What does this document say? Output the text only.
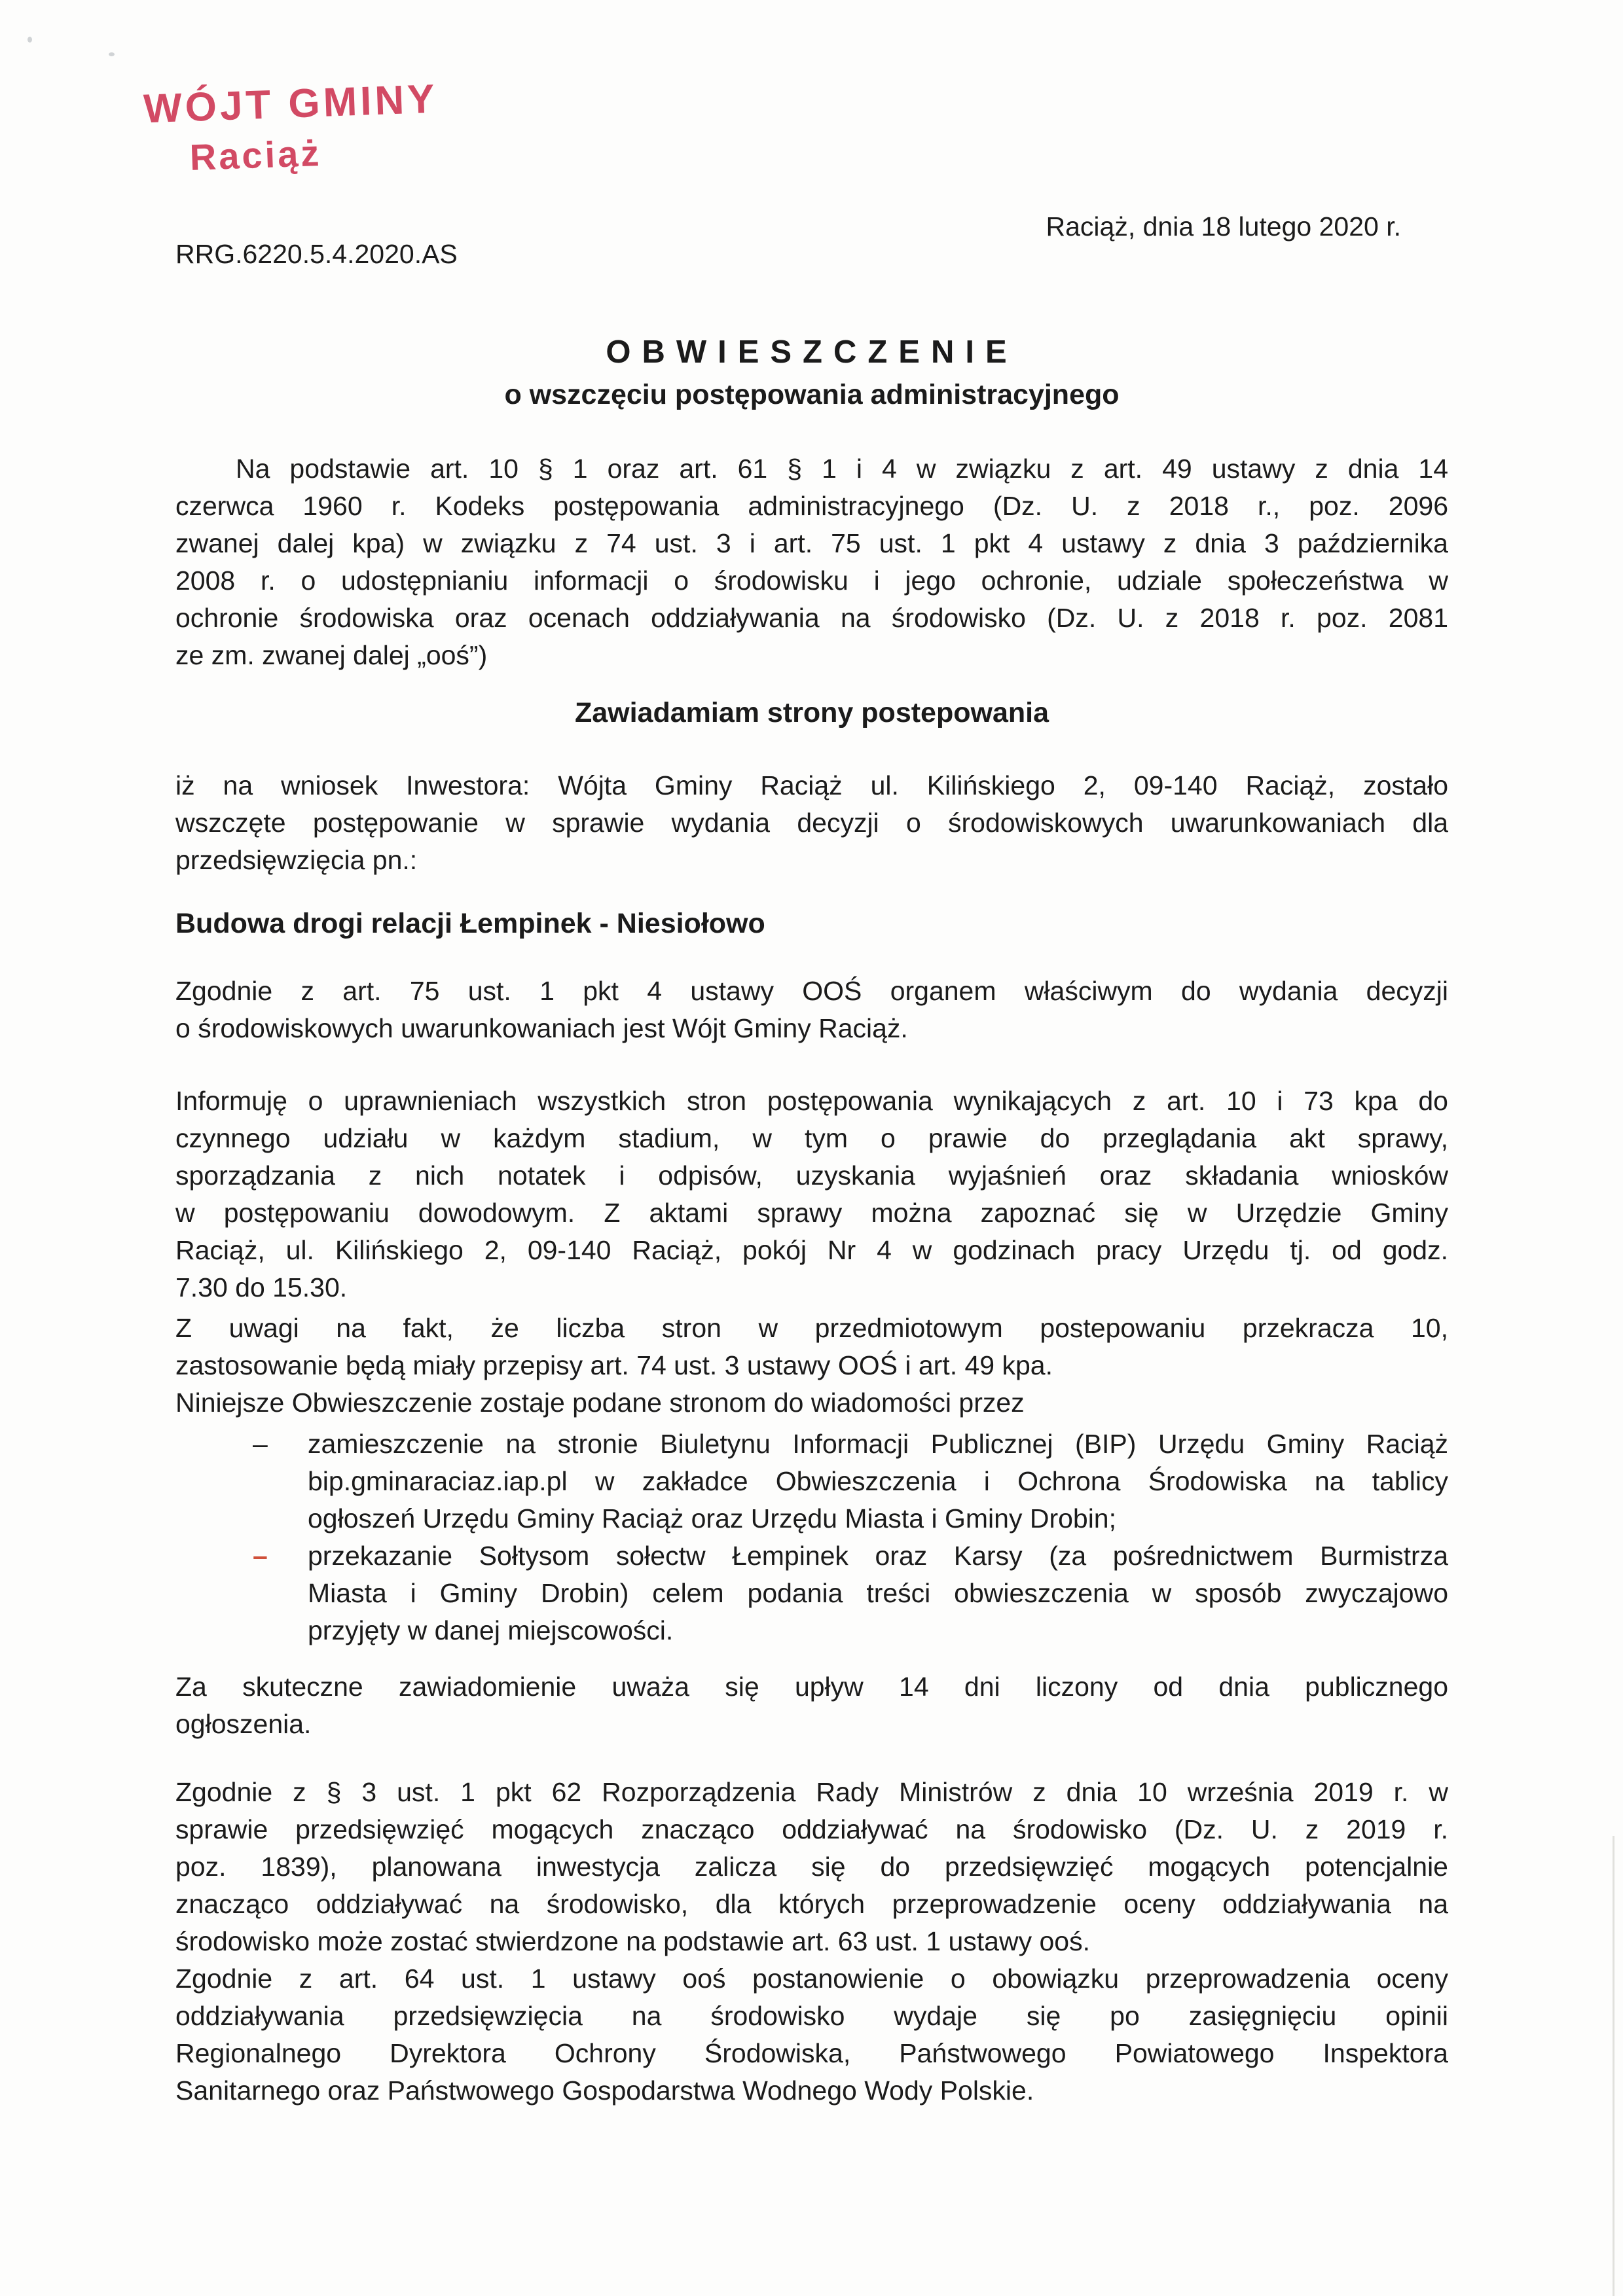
WÓJT GMINY
Raciąż
Raciąż, dnia 18 lutego 2020 r.
RRG.6220.5.4.2020.AS
OBWIESZCZENIE
o wszczęciu postępowania administracyjnego
Na podstawie art. 10 § 1 oraz art. 61 § 1 i 4 w związku z art. 49 ustawy z dnia 14
czerwca 1960 r. Kodeks postępowania administracyjnego (Dz. U. z 2018 r., poz. 2096
zwanej dalej kpa) w związku z 74 ust. 3 i art. 75 ust. 1 pkt 4 ustawy z dnia 3 października
2008 r. o udostępnianiu informacji o środowisku i jego ochronie, udziale społeczeństwa w
ochronie środowiska oraz ocenach oddziaływania na środowisko (Dz. U. z 2018 r. poz. 2081
ze zm. zwanej dalej „ooś”)
Zawiadamiam strony postepowania
iż na wniosek Inwestora: Wójta Gminy Raciąż ul. Kilińskiego 2, 09-140 Raciąż, zostało
wszczęte postępowanie w sprawie wydania decyzji o środowiskowych uwarunkowaniach dla
przedsięwzięcia pn.:
Budowa drogi relacji Łempinek - Niesiołowo
Zgodnie z art. 75 ust. 1 pkt 4 ustawy OOŚ organem właściwym do wydania decyzji
o środowiskowych uwarunkowaniach jest Wójt Gminy Raciąż.
Informuję o uprawnieniach wszystkich stron postępowania wynikających z art. 10 i 73 kpa do
czynnego udziału w każdym stadium, w tym o prawie do przeglądania akt sprawy,
sporządzania z nich notatek i odpisów, uzyskania wyjaśnień oraz składania wniosków
w postępowaniu dowodowym. Z aktami sprawy można zapoznać się w Urzędzie Gminy
Raciąż, ul. Kilińskiego 2, 09-140 Raciąż, pokój Nr 4 w godzinach pracy Urzędu tj. od godz.
7.30 do 15.30.
Z uwagi na fakt, że liczba stron w przedmiotowym postepowaniu przekracza 10,
zastosowanie będą miały przepisy art. 74 ust. 3 ustawy OOŚ i art. 49 kpa.
Niniejsze Obwieszczenie zostaje podane stronom do wiadomości przez
–	zamieszczenie na stronie Biuletynu Informacji Publicznej (BIP) Urzędu Gminy Raciąż
bip.gminaraciaz.iap.pl w zakładce Obwieszczenia i Ochrona Środowiska na tablicy
ogłoszeń Urzędu Gminy Raciąż oraz Urzędu Miasta i Gminy Drobin;
–	przekazanie Sołtysom sołectw Łempinek oraz Karsy (za pośrednictwem Burmistrza
Miasta i Gminy Drobin) celem podania treści obwieszczenia w sposób zwyczajowo
przyjęty w danej miejscowości.
Za skuteczne zawiadomienie uważa się upływ 14 dni liczony od dnia publicznego
ogłoszenia.
Zgodnie z § 3 ust. 1 pkt 62 Rozporządzenia Rady Ministrów z dnia 10 września 2019 r. w
sprawie przedsięwzięć mogących znacząco oddziaływać na środowisko (Dz. U. z 2019 r.
poz. 1839), planowana inwestycja zalicza się do przedsięwzięć mogących potencjalnie
znacząco oddziaływać na środowisko, dla których przeprowadzenie oceny oddziaływania na
środowisko może zostać stwierdzone na podstawie art. 63 ust. 1 ustawy ooś.
Zgodnie z art. 64 ust. 1 ustawy ooś postanowienie o obowiązku przeprowadzenia oceny
oddziaływania przedsięwzięcia na środowisko wydaje się po zasięgnięciu opinii
Regionalnego Dyrektora Ochrony Środowiska, Państwowego Powiatowego Inspektora
Sanitarnego oraz Państwowego Gospodarstwa Wodnego Wody Polskie.
